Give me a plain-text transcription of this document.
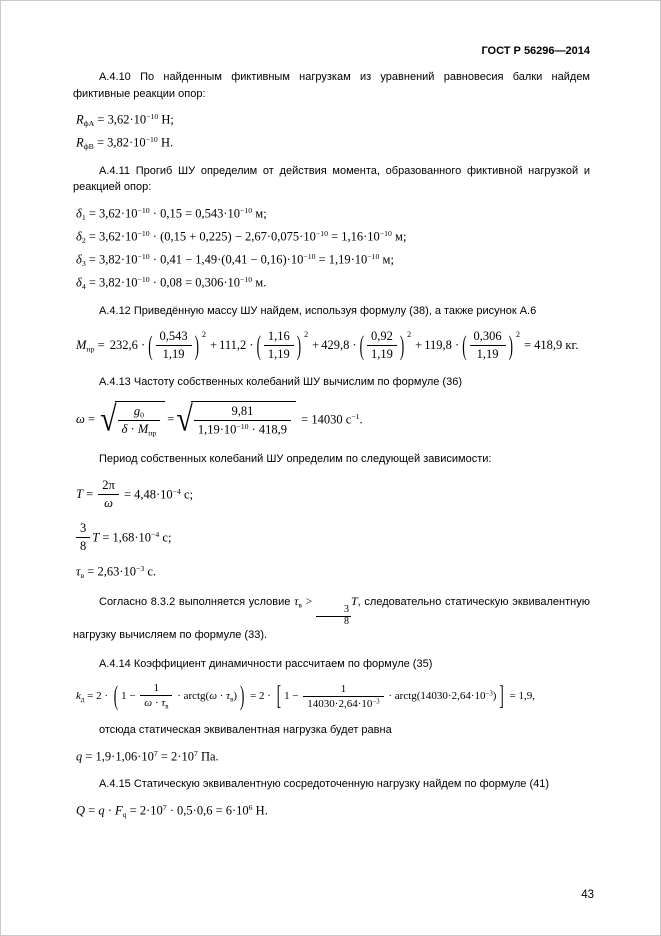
ГОСТ Р 56296—2014

А.4.10 По найденным фиктивным нагрузкам из уравнений равновесия балки найдем фиктивные реакции опор:

$R_{фА} = 3,62\cdot 10^{-10}$ Н;
$R_{фВ} = 3,82\cdot 10^{-10}$ Н.

А.4.11 Прогиб ШУ определим от действия момента, образованного фиктивной нагрузкой и реакцией опор:

$\delta_1 = 3,62\cdot 10^{-10} \cdot 0,15 = 0,543\cdot 10^{-10}$ м;
$\delta_2 = 3,62\cdot 10^{-10} \cdot (0,15 + 0,225) - 2,67\cdot 0,075\cdot 10^{-10} = 1,16\cdot 10^{-10}$ м;
$\delta_3 = 3,82\cdot 10^{-10} \cdot 0,41 - 1,49\cdot(0,41 - 0,16)\cdot 10^{-10} = 1,19\cdot 10^{-10}$ м;
$\delta_4 = 3,82\cdot 10^{-10} \cdot 0,08 = 0,306\cdot 10^{-10}$ м.

А.4.12 Приведённую массу ШУ найдем, используя формулу (38), а также рисунок А.6

$M_{пр} = 232,6$ · ( $\frac{0,543}{1,19}$ ) 2
+ 111,2 · ( $\frac{1,16}{1,19}$ ) 2
+ 429,8 · ( $\frac{0,92}{1,19}$ ) 2
+ 119,8 · ( $\frac{0,306}{1,19}$ ) 2
= 418,9 кг.

А.4.13 Частоту собственных колебаний ШУ вычислим по формуле (36)

ω = √ $\frac{g_0}{\delta \cdot M_{пр}}$ = √ $\frac{9,81}{1,19\cdot 10^{-10} \cdot 418,9} = 14030$ $с^{-1}$.

Период собственных колебаний ШУ определим по следующей зависимости:

$T = \frac{2\pi}{\omega} = 4,48\cdot 10^{-4}$ с;
$\frac{3}{8}$ $T = 1,68\cdot 10^{-4}$ с;
$\tau_в = 2,63\cdot 10^{-3}$ с.

Согласно 8.3.2 выполняется условие $\tau_в$ >
$\frac{3}{8}$
T, следовательно статическую эквивалентную нагрузку вычисляем по формуле (33).

А.4.14 Коэффициент динамичности рассчитаем по формуле (35)

$k_д = 2$ · ( $1 - \frac{1}{\omega \cdot \tau_в}$ · arctg(ω · $\tau_в$) ) = 2 · [ $1 - \frac{1}{14030\cdot 2,64\cdot 10^{-3}}$ · $arctg(14030\cdot 2,64\cdot 10^{-3})$ ] = 1,9,

отсюда статическая эквивалентная нагрузка будет равна

$q = 1,9\cdot 1,06\cdot 10^7 = 2\cdot 10^7$ Па.

А.4.15 Статическую эквивалентную сосредоточенную нагрузку найдем по формуле (41)

$Q = q \cdot F_q = 2\cdot 10^7 \cdot 0,5\cdot 0,6 = 6\cdot 10^6$ Н.
43
